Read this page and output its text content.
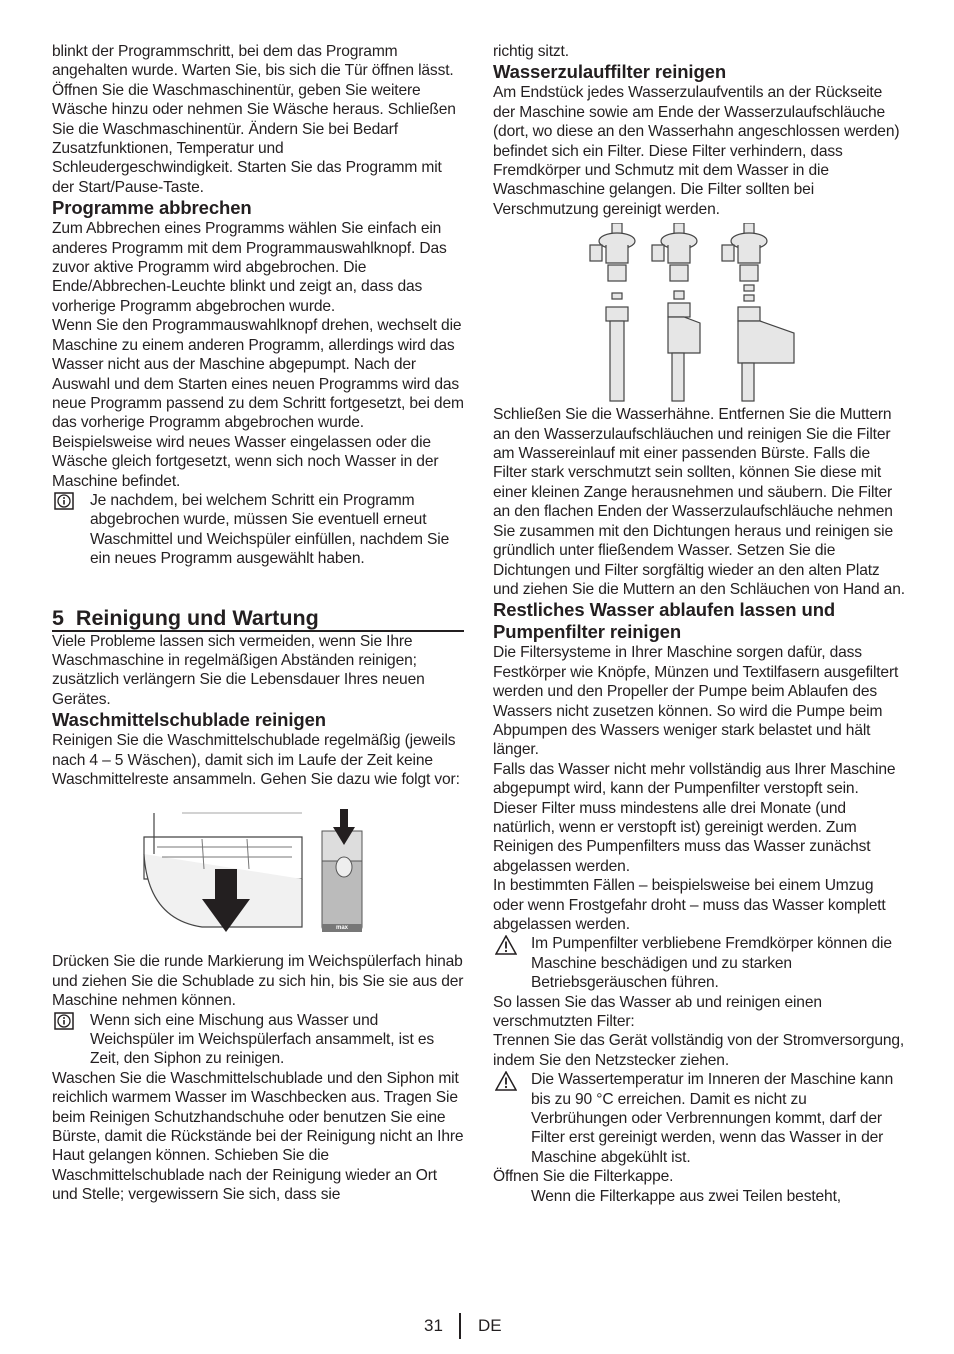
blinkt der Programmschritt, bei dem das Programm angehalten wurde. Warten Sie, bis sich die Tür öffnen lässt. Öffnen Sie die Waschmaschinentür, geben Sie weitere Wäsche hinzu oder nehmen Sie Wäsche heraus. Schließen Sie die Waschmaschinentür. Ändern Sie bei Bedarf Zusatzfunktionen, Temperatur und Schleudergeschwindigkeit. Starten Sie das Programm mit der Start/Pause-Taste.

Programme abbrechen

Zum Abbrechen eines Programms wählen Sie einfach ein anderes Programm mit dem Programmauswahlknopf. Das zuvor aktive Programm wird abgebrochen. Die Ende/Abbrechen-Leuchte blinkt und zeigt an, dass das vorherige Programm abgebrochen wurde.

Wenn Sie den Programmauswahlknopf drehen, wechselt die Maschine zu einem anderen Programm, allerdings wird das Wasser nicht aus der Maschine abgepumpt. Nach der Auswahl und dem Starten eines neuen Programms wird das neue Programm passend zu dem Schritt fortgesetzt, bei dem das vorherige Programm abgebrochen wurde. Beispielsweise wird neues Wasser eingelassen oder die Wäsche gleich fortgesetzt, wenn sich noch Wasser in der Maschine befindet.

Je nachdem, bei welchem Schritt ein Programm abgebrochen wurde, müssen Sie eventuell erneut Waschmittel und Weichspüler einfüllen, nachdem Sie ein neues Programm ausgewählt haben.

5 Reinigung und Wartung

Viele Probleme lassen sich vermeiden, wenn Sie Ihre Waschmaschine in regelmäßigen Abständen reinigen; zusätzlich verlängern Sie die Lebensdauer Ihres neuen Gerätes.

Waschmittelschublade reinigen

Reinigen Sie die Waschmittelschublade regelmäßig (jeweils nach 4 – 5 Wäschen), damit sich im Laufe der Zeit keine Waschmittelreste ansammeln. Gehen Sie dazu wie folgt vor:

max

Drücken Sie die runde Markierung im Weichspülerfach hinab und ziehen Sie die Schublade zu sich hin, bis Sie sie aus der Maschine nehmen können.

Wenn sich eine Mischung aus Wasser und Weichspüler im Weichspülerfach ansammelt, ist es Zeit, den Siphon zu reinigen.

Waschen Sie die Waschmittelschublade und den Siphon mit reichlich warmem Wasser im Waschbecken aus. Tragen Sie beim Reinigen Schutzhandschuhe oder benutzen Sie eine Bürste, damit die Rückstände bei der Reinigung nicht an Ihre Haut gelangen können. Schieben Sie die Waschmittelschublade nach der Reinigung wieder an Ort und Stelle; vergewissern Sie sich, dass sie

richtig sitzt.

Wasserzulauffilter reinigen

Am Endstück jedes Wasserzulaufventils an der Rückseite der Maschine sowie am Ende der Wasserzulaufschläuche (dort, wo diese an den Wasserhahn angeschlossen werden) befindet sich ein Filter. Diese Filter verhindern, dass Fremdkörper und Schmutz mit dem Wasser in die Waschmaschine gelangen. Die Filter sollten bei Verschmutzung gereinigt werden.

Schließen Sie die Wasserhähne. Entfernen Sie die Muttern an den Wasserzulaufschläuchen und reinigen Sie die Filter am Wassereinlauf mit einer passenden Bürste. Falls die Filter stark verschmutzt sein sollten, können Sie diese mit einer kleinen Zange herausnehmen und säubern. Die Filter an den flachen Enden der Wasserzulaufschläuche nehmen Sie zusammen mit den Dichtungen heraus und reinigen sie gründlich unter fließendem Wasser. Setzen Sie die Dichtungen und Filter sorgfältig wieder an den alten Platz und ziehen Sie die Muttern an den Schläuchen von Hand an.

Restliches Wasser ablaufen lassen und Pumpenfilter reinigen

Die Filtersysteme in Ihrer Maschine sorgen dafür, dass Festkörper wie Knöpfe, Münzen und Textilfasern ausgefiltert werden und den Propeller der Pumpe beim Ablaufen des Wassers nicht zusetzen können. So wird die Pumpe beim Abpumpen des Wassers weniger stark belastet und hält länger.

Falls das Wasser nicht mehr vollständig aus Ihrer Maschine abgepumpt wird, kann der Pumpenfilter verstopft sein. Dieser Filter muss mindestens alle drei Monate (und natürlich, wenn er verstopft ist) gereinigt werden. Zum Reinigen des Pumpenfilters muss das Wasser zunächst abgelassen werden.

In bestimmten Fällen – beispielsweise bei einem Umzug oder wenn Frostgefahr droht – muss das Wasser komplett abgelassen werden.

Im Pumpenfilter verbliebene Fremdkörper können die Maschine beschädigen und zu starken Betriebsgeräuschen führen.

So lassen Sie das Wasser ab und reinigen einen verschmutzten Filter:

Trennen Sie das Gerät vollständig von der Stromversorgung, indem Sie den Netzstecker ziehen.

Die Wassertemperatur im Inneren der Maschine kann bis zu 90 °C erreichen. Damit es nicht zu Verbrühungen oder Verbrennungen kommt, darf der Filter erst gereinigt werden, wenn das Wasser in der Maschine abgekühlt ist.

Öffnen Sie die Filterkappe.

Wenn die Filterkappe aus zwei Teilen besteht,

31 DE
